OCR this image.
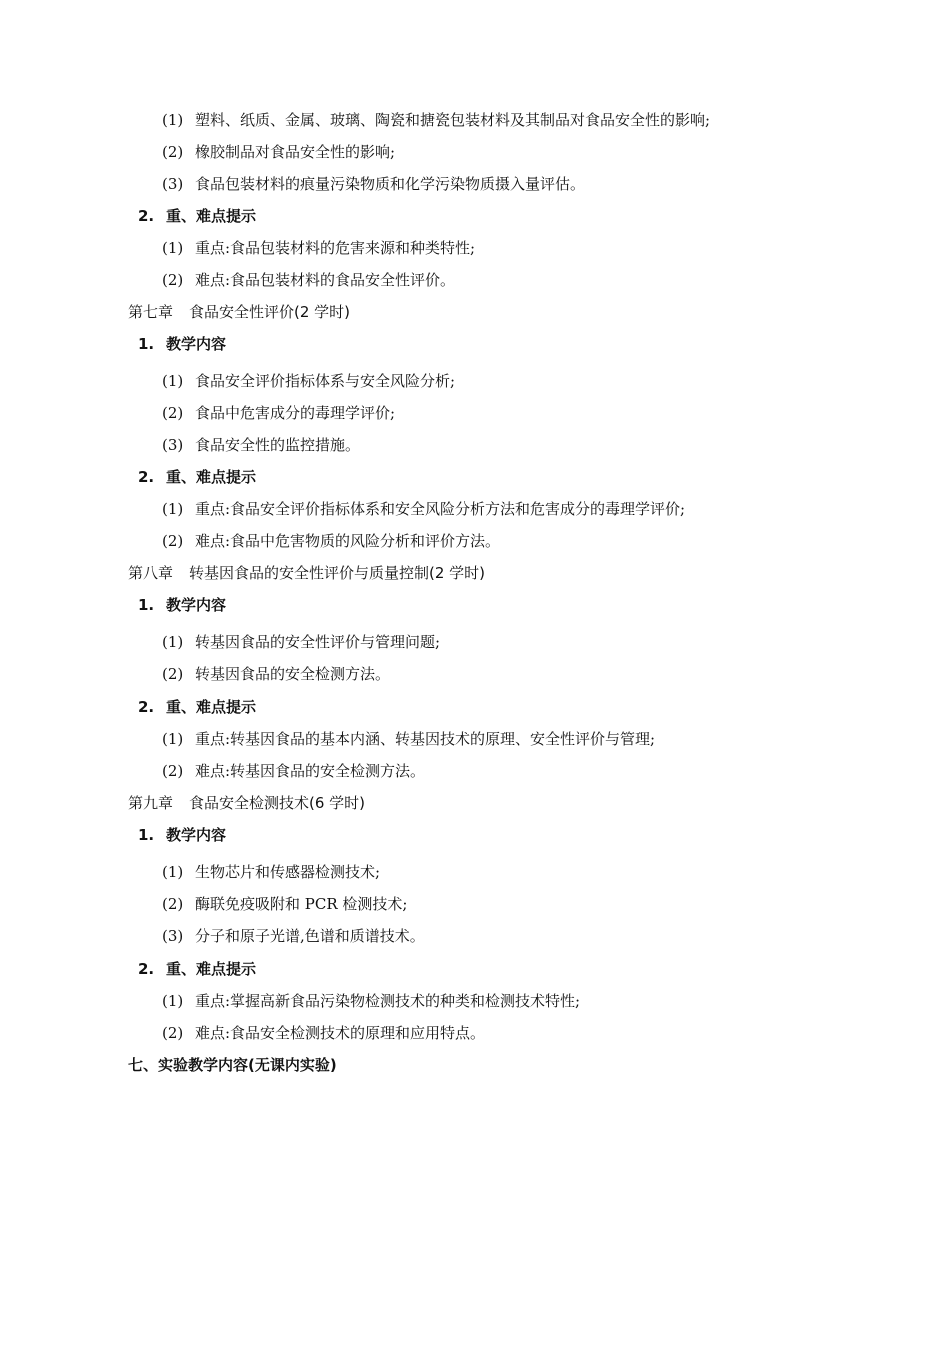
(1) 塑料、纸质、金属、玻璃、陶瓷和搪瓷包装材料及其制品对食品安全性的影响;
(2) 橡胶制品对食品安全性的影响;
(3) 食品包装材料的痕量污染物质和化学污染物质摄入量评估。
2. 重、难点提示
(1) 重点:食品包装材料的危害来源和种类特性;
(2) 难点:食品包装材料的食品安全性评价。
第七章 食品安全性评价(2 学时)
1. 教学内容
(1) 食品安全评价指标体系与安全风险分析;
(2) 食品中危害成分的毒理学评价;
(3) 食品安全性的监控措施。
2. 重、难点提示
(1) 重点:食品安全评价指标体系和安全风险分析方法和危害成分的毒理学评价;
(2) 难点:食品中危害物质的风险分析和评价方法。
第八章 转基因食品的安全性评价与质量控制(2 学时)
1. 教学内容
(1) 转基因食品的安全性评价与管理问题;
(2) 转基因食品的安全检测方法。
2. 重、难点提示
(1) 重点:转基因食品的基本内涵、转基因技术的原理、安全性评价与管理;
(2) 难点:转基因食品的安全检测方法。
第九章 食品安全检测技术(6 学时)
1. 教学内容
(1) 生物芯片和传感器检测技术;
(2) 酶联免疫吸附和 PCR 检测技术;
(3) 分子和原子光谱,色谱和质谱技术。
2. 重、难点提示
(1) 重点:掌握高新食品污染物检测技术的种类和检测技术特性;
(2) 难点:食品安全检测技术的原理和应用特点。
七、实验教学内容(无课内实验)
